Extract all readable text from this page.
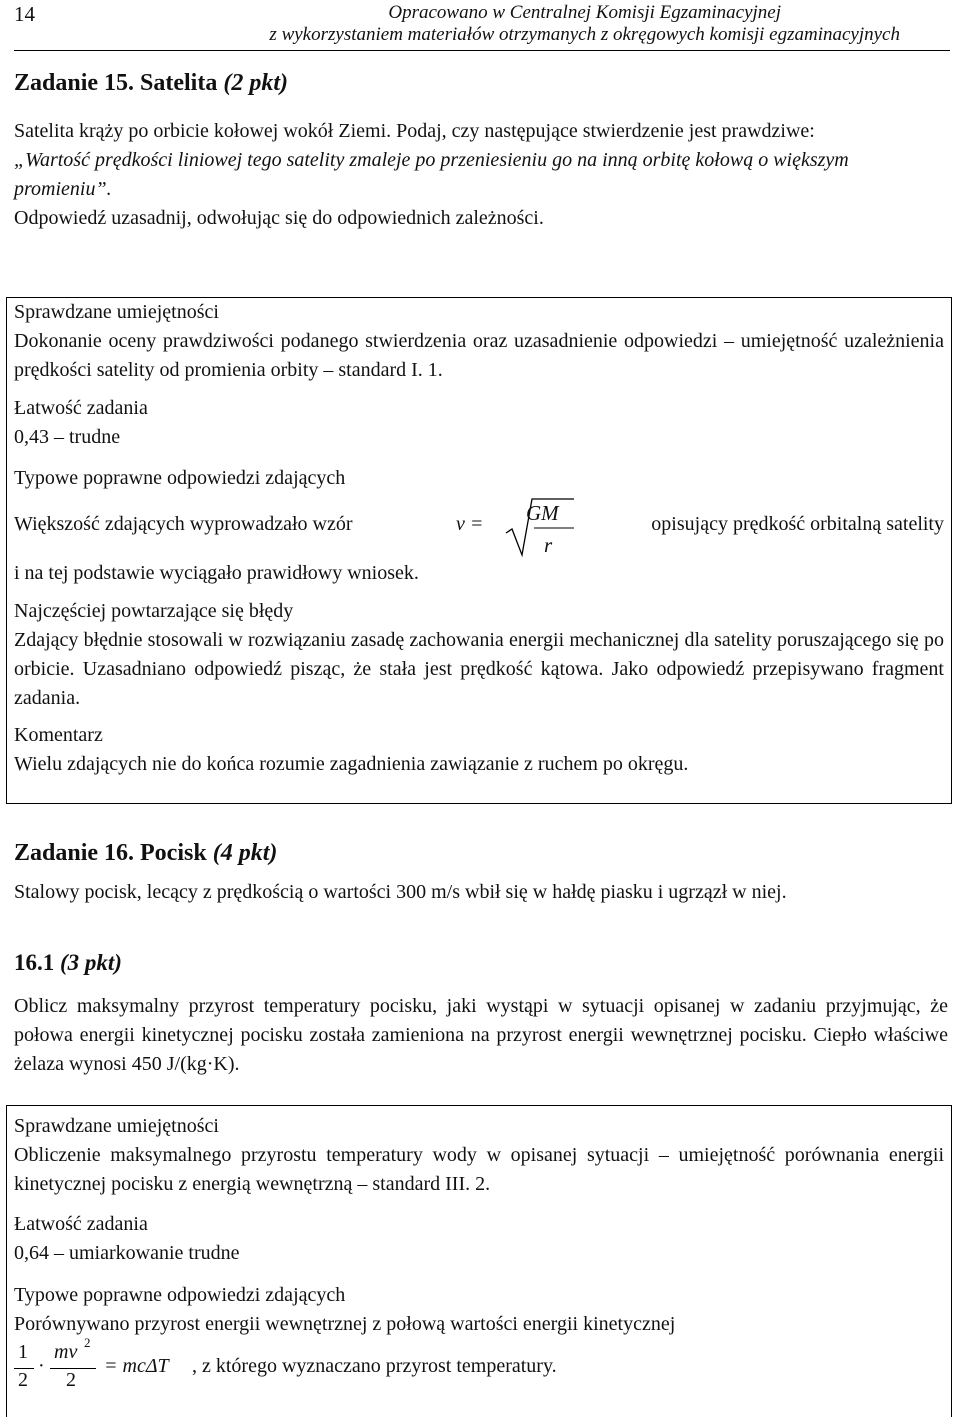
14	Opracowano w Centralnej Komisji Egzaminacyjnej
z wykorzystaniem materiałów otrzymanych z okręgowych komisji egzaminacyjnych
Zadanie 15. Satelita (2 pkt)

Satelita krąży po orbicie kołowej wokół Ziemi. Podaj, czy następujące stwierdzenie jest prawdziwe:

„Wartość prędkości liniowej tego satelity zmaleje po przeniesieniu go na inną orbitę kołową o większym promieniu”.

Odpowiedź uzasadnij, odwołując się do odpowiednich zależności.

Sprawdzane umiejętności

Dokonanie oceny prawdziwości podanego stwierdzenia oraz uzasadnienie odpowiedzi – umiejętność uzależnienia prędkości satelity od promienia orbity – standard I. 1.

Łatwość zadania

0,43 – trudne

Typowe poprawne odpowiedzi zdających
Większość zdających wyprowadzało wzór	v = GM
r
opisujący prędkość orbitalną satelity

i na tej podstawie wyciągało prawidłowy wniosek.

Najczęściej powtarzające się błędy

Zdający błędnie stosowali w rozwiązaniu zasadę zachowania energii mechanicznej dla satelity poruszającego się po orbicie. Uzasadniano odpowiedź pisząc, że stała jest prędkość kątowa. Jako odpowiedź przepisywano fragment zadania.

Komentarz

Wielu zdających nie do końca rozumie zagadnienia zawiązanie z ruchem po okręgu.

Zadanie 16. Pocisk (4 pkt)

Stalowy pocisk, lecący z prędkością o wartości 300 m/s wbił się w hałdę piasku i ugrzązł w niej.

16.1 (3 pkt)

Oblicz maksymalny przyrost temperatury pocisku, jaki wystąpi w sytuacji opisanej w zadaniu przyjmując, że połowa energii kinetycznej pocisku została zamieniona na przyrost energii wewnętrznej pocisku. Ciepło właściwe żelaza wynosi 450 J/(kg·K).

Sprawdzane umiejętności

Obliczenie maksymalnego przyrostu temperatury wody w opisanej sytuacji – umiejętność porównania energii kinetycznej pocisku z energią wewnętrzną – standard III. 2.

Łatwość zadania

0,64 – umiarkowanie trudne

Typowe poprawne odpowiedzi zdających

Porównywano przyrost energii wewnętrznej z połową wartości energii kinetycznej

1
2
·
mv 2
2
= mcΔT , z którego wyznaczano przyrost temperatury.
